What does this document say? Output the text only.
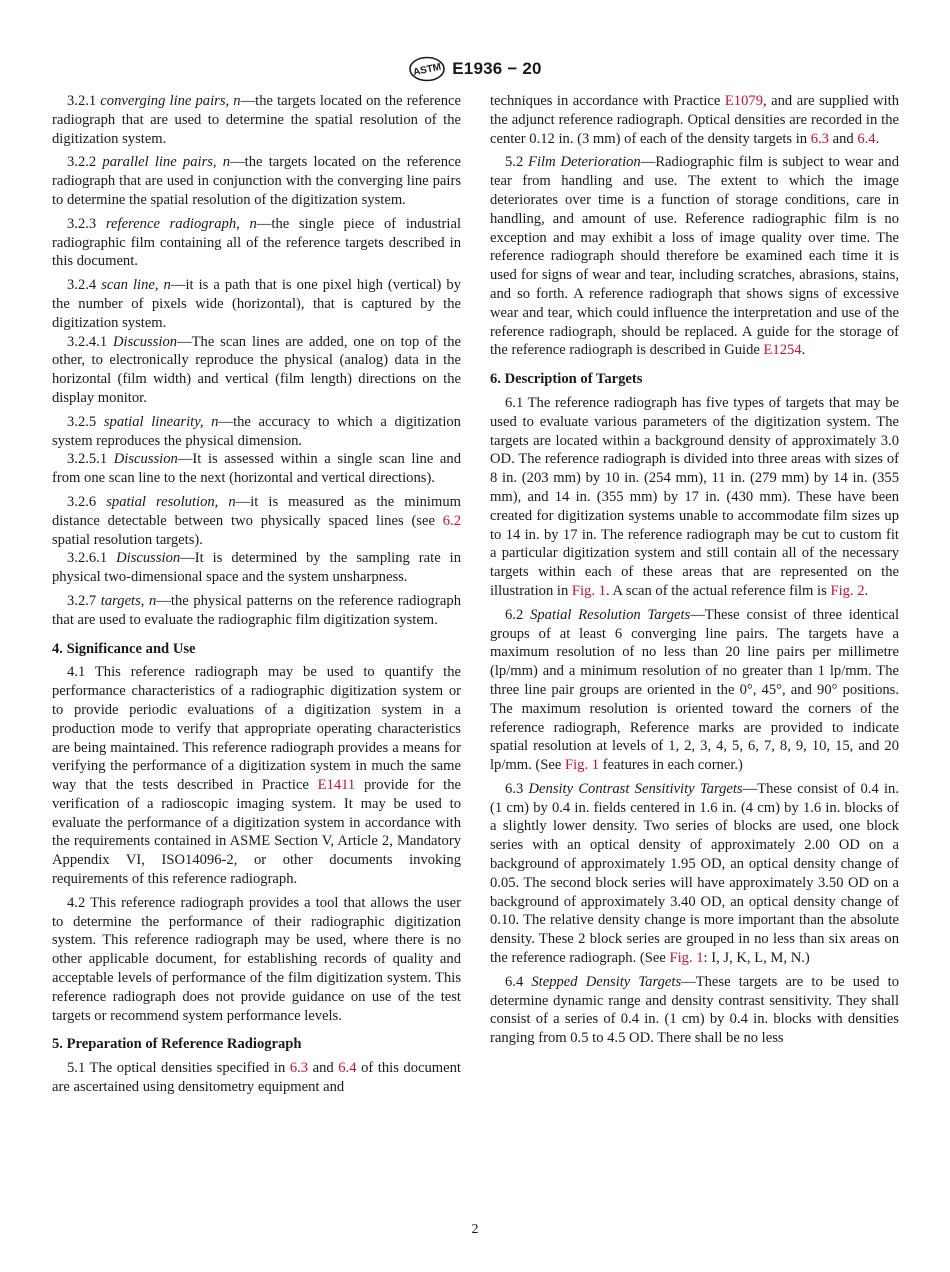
ASTM E1936 − 20

3.2.1 converging line pairs, n—the targets located on the reference radiograph that are used to determine the spatial resolution of the digitization system.

3.2.2 parallel line pairs, n—the targets located on the reference radiograph that are used in conjunction with the converging line pairs to determine the spatial resolution of the digitization system.

3.2.3 reference radiograph, n—the single piece of industrial radiographic film containing all of the reference targets described in this document.

3.2.4 scan line, n—it is a path that is one pixel high (vertical) by the number of pixels wide (horizontal), that is captured by the digitization system.

3.2.4.1 Discussion—The scan lines are added, one on top of the other, to electronically reproduce the physical (analog) data in the horizontal (film width) and vertical (film length) directions on the display monitor.

3.2.5 spatial linearity, n—the accuracy to which a digitization system reproduces the physical dimension.

3.2.5.1 Discussion—It is assessed within a single scan line and from one scan line to the next (horizontal and vertical directions).

3.2.6 spatial resolution, n—it is measured as the minimum distance detectable between two physically spaced lines (see 6.2 spatial resolution targets).

3.2.6.1 Discussion—It is determined by the sampling rate in physical two-dimensional space and the system unsharpness.

3.2.7 targets, n—the physical patterns on the reference radiograph that are used to evaluate the radiographic film digitization system.

4. Significance and Use

4.1 This reference radiograph may be used to quantify the performance characteristics of a radiographic digitization system or to provide periodic evaluations of a digitization system in a production mode to verify that appropriate operating characteristics are being maintained. This reference radiograph provides a means for verifying the performance of a digitization system in much the same way that the tests described in Practice E1411 provide for the verification of a radioscopic imaging system. It may be used to evaluate the performance of a digitization system in accordance with the requirements contained in ASME Section V, Article 2, Mandatory Appendix VI, ISO14096-2, or other documents invoking requirements of this reference radiograph.

4.2 This reference radiograph provides a tool that allows the user to determine the performance of their radiographic digitization system. This reference radiograph may be used, where there is no other applicable document, for establishing records of quality and acceptable levels of performance of the film digitization system. This reference radiograph does not provide guidance on use of the test targets or recommend system performance levels.

5. Preparation of Reference Radiograph

5.1 The optical densities specified in 6.3 and 6.4 of this document are ascertained using densitometry equipment and

techniques in accordance with Practice E1079, and are supplied with the adjunct reference radiograph. Optical densities are recorded in the center 0.12 in. (3 mm) of each of the density targets in 6.3 and 6.4.

5.2 Film Deterioration—Radiographic film is subject to wear and tear from handling and use. The extent to which the image deteriorates over time is a function of storage conditions, care in handling, and amount of use. Reference radiographic film is no exception and may exhibit a loss of image quality over time. The reference radiograph should therefore be examined each time it is used for signs of wear and tear, including scratches, abrasions, stains, and so forth. A reference radiograph that shows signs of excessive wear and tear, which could influence the interpretation and use of the reference radiograph, should be replaced. A guide for the storage of the reference radiograph is described in Guide E1254.

6. Description of Targets

6.1 The reference radiograph has five types of targets that may be used to evaluate various parameters of the digitization system. The targets are located within a background density of approximately 3.0 OD. The reference radiograph is divided into three areas with sizes of 8 in. (203 mm) by 10 in. (254 mm), 11 in. (279 mm) by 14 in. (355 mm), and 14 in. (355 mm) by 17 in. (430 mm). These have been created for digitization systems unable to accommodate film sizes up to 14 in. by 17 in. The reference radiograph may be cut to custom fit a particular digitization system and still contain all of the necessary targets within each of these areas that are represented on the illustration in Fig. 1. A scan of the actual reference film is Fig. 2.

6.2 Spatial Resolution Targets—These consist of three identical groups of at least 6 converging line pairs. The targets have a maximum resolution of no less than 20 line pairs per millimetre (lp/mm) and a minimum resolution of no greater than 1 lp/mm. The three line pair groups are oriented in the 0°, 45°, and 90° positions. The maximum resolution is oriented toward the corners of the reference radiograph, Reference marks are provided to indicate spatial resolution at levels of 1, 2, 3, 4, 5, 6, 7, 8, 9, 10, 15, and 20 lp/mm. (See Fig. 1 features in each corner.)

6.3 Density Contrast Sensitivity Targets—These consist of 0.4 in. (1 cm) by 0.4 in. fields centered in 1.6 in. (4 cm) by 1.6 in. blocks of a slightly lower density. Two series of blocks are used, one block series with an optical density of approximately 2.00 OD on a background of approximately 1.95 OD, an optical density change of 0.05. The second block series will have approximately 3.50 OD on a background of approximately 3.40 OD, an optical density change of 0.10. The relative density change is more important than the absolute density. These 2 block series are grouped in no less than six areas on the reference radiograph. (See Fig. 1: I, J, K, L, M, N.)

6.4 Stepped Density Targets—These targets are to be used to determine dynamic range and density contrast sensitivity. They shall consist of a series of 0.4 in. (1 cm) by 0.4 in. blocks with densities ranging from 0.5 to 4.5 OD. There shall be no less

2
